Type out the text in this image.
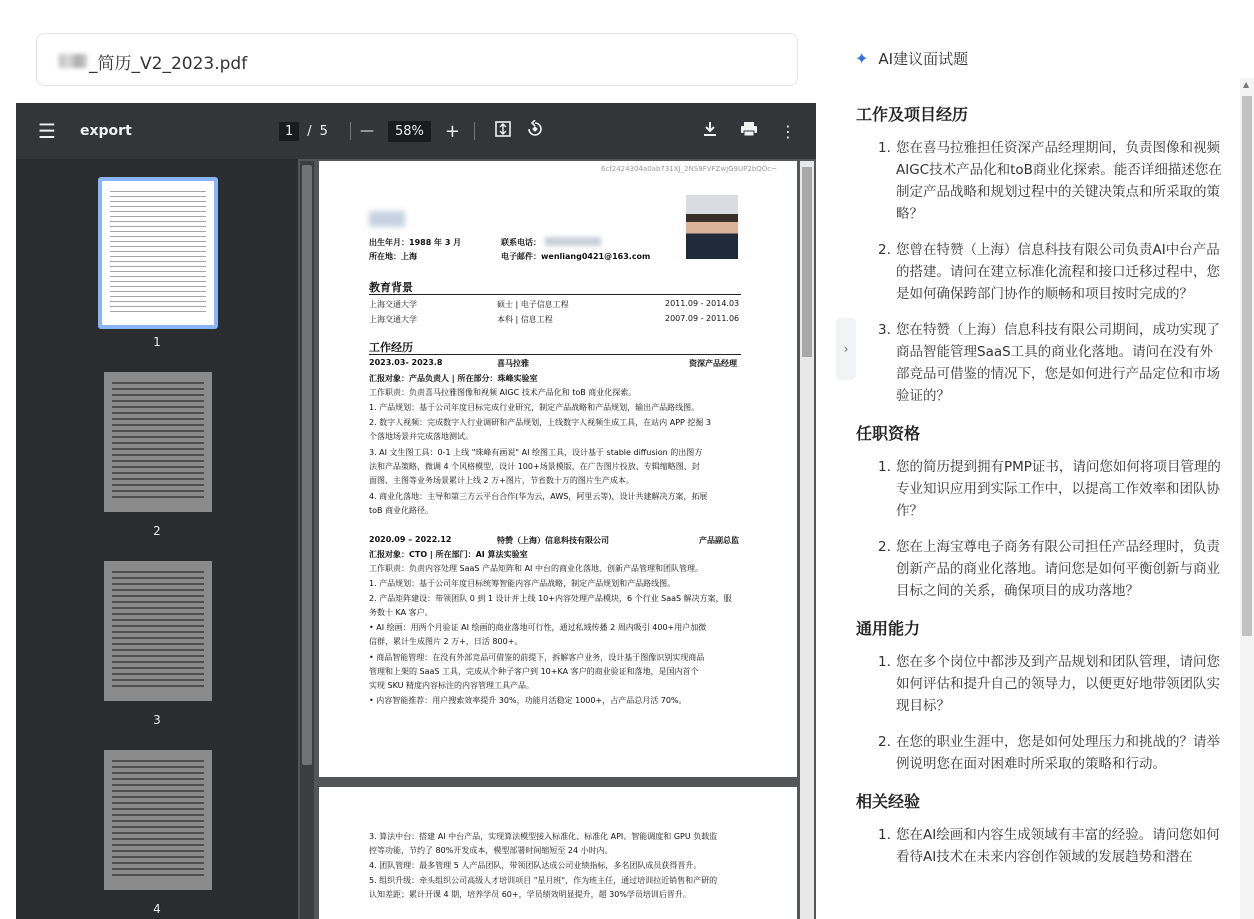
_简历_V2_2023.pdf
☰ export	1	/ 5 —	58%	+	⋮
1
2
3
4
6cf2424304a0ab731XJ_2NS9FVFZwJG9UP2bQOc~
出生年月：1988 年 3 月
所在地：上海
联系电话：
电子邮件：wenliang0421@163.com
教育背景
上海交通大学	硕士 | 电子信息工程	2011.09 - 2014.03
上海交通大学	本科 | 信息工程	2007.09 - 2011.06
工作经历
2023.03- 2023.8	喜马拉雅	资深产品经理
汇报对象：产品负责人 | 所在部分：珠峰实验室
工作职责：负责喜马拉雅图像和视频 AIGC 技术产品化和 toB 商业化探索。
1. 产品规划：基于公司年度目标完成行业研究，制定产品战略和产品规划，输出产品路线图。
2. 数字人视频：完成数字人行业调研和产品规划，上线数字人视频生成工具，在站内 APP 挖掘 3
个落地场景并完成落地测试。
3. AI 文生图工具：0-1 上线 "珠峰有画说" AI 绘图工具，设计基于 stable diffusion 的出图方
法和产品策略，微调 4 个风格模型，设计 100+场景模版，在广告图片投放、专辑缩略图、封
面图、主图等业务场景累计上线 2 万+图片，节省数十万的图片生产成本。
4. 商业化落地：主导和第三方云平台合作(华为云，AWS，阿里云等)，设计共建解决方案，拓展
toB 商业化路径。
2020.09 – 2022.12	特赞（上海）信息科技有限公司	产品副总监
汇报对象：CTO | 所在部门：AI 算法实验室
工作职责：负责内容处理 SaaS 产品矩阵和 AI 中台的商业化落地、创新产品管理和团队管理。
1. 产品规划：基于公司年度目标统筹智能内容产品战略，制定产品规划和产品路线图。
2. 产品矩阵建设：带领团队 0 到 1 设计并上线 10+内容处理产品模块，6 个行业 SaaS 解决方案，服
务数十 KA 客户。
• AI 绘画：用两个月验证 AI 绘画的商业落地可行性，通过私域传播 2 周内吸引 400+用户加微
信群，累计生成图片 2 万+，日活 800+。
• 商品智能管理：在没有外部竞品可借鉴的前提下，拆解客户业务，设计基于图像识别实现商品
管理和上架的 SaaS 工具，完成从个种子客户到 10+KA 客户的商业验证和落地，是国内首个
实现 SKU 精度内容标注的内容管理工具产品。
• 内容智能推荐：用户搜索效率提升 30%，功能月活稳定 1000+，占产品总月活 70%。
3. 算法中台：搭建 AI 中台产品，实现算法模型接入标准化、标准化 API、智能调度和 GPU 负载监
控等功能，节约了 80%开发成本，模型部署时间缩短至 24 小时内。
4. 团队管理：最多管理 5 人产品团队，带领团队达成公司业绩指标，多名团队成员获得晋升。
5. 组织升级：牵头组织公司高级人才培训项目 "星月班"，作为班主任，通过培训拉近销售和产研的
认知差距；累计开课 4 期，培养学员 60+，学员绩效明显提升，超 30%学员培训后晋升。
✦ AI建议面试题
›
工作及项目经历
1. 您在喜马拉雅担任资深产品经理期间，负责图像和视频AIGC技术产品化和toB商业化探索。能否详细描述您在制定产品战略和规划过程中的关键决策点和所采取的策略？
2. 您曾在特赞（上海）信息科技有限公司负责AI中台产品的搭建。请问在建立标准化流程和接口迁移过程中，您是如何确保跨部门协作的顺畅和项目按时完成的？
3. 您在特赞（上海）信息科技有限公司期间，成功实现了商品智能管理SaaS工具的商业化落地。请问在没有外部竞品可借鉴的情况下，您是如何进行产品定位和市场验证的？
任职资格
1. 您的简历提到拥有PMP证书，请问您如何将项目管理的专业知识应用到实际工作中，以提高工作效率和团队协作？
2. 您在上海宝尊电子商务有限公司担任产品经理时，负责创新产品的商业化落地。请问您是如何平衡创新与商业目标之间的关系，确保项目的成功落地？
通用能力
1. 您在多个岗位中都涉及到产品规划和团队管理，请问您如何评估和提升自己的领导力，以便更好地带领团队实现目标？
2. 在您的职业生涯中，您是如何处理压力和挑战的？请举例说明您在面对困难时所采取的策略和行动。
相关经验
1. 您在AI绘画和内容生成领域有丰富的经验。请问您如何看待AI技术在未来内容创作领域的发展趋势和潜在
▲
